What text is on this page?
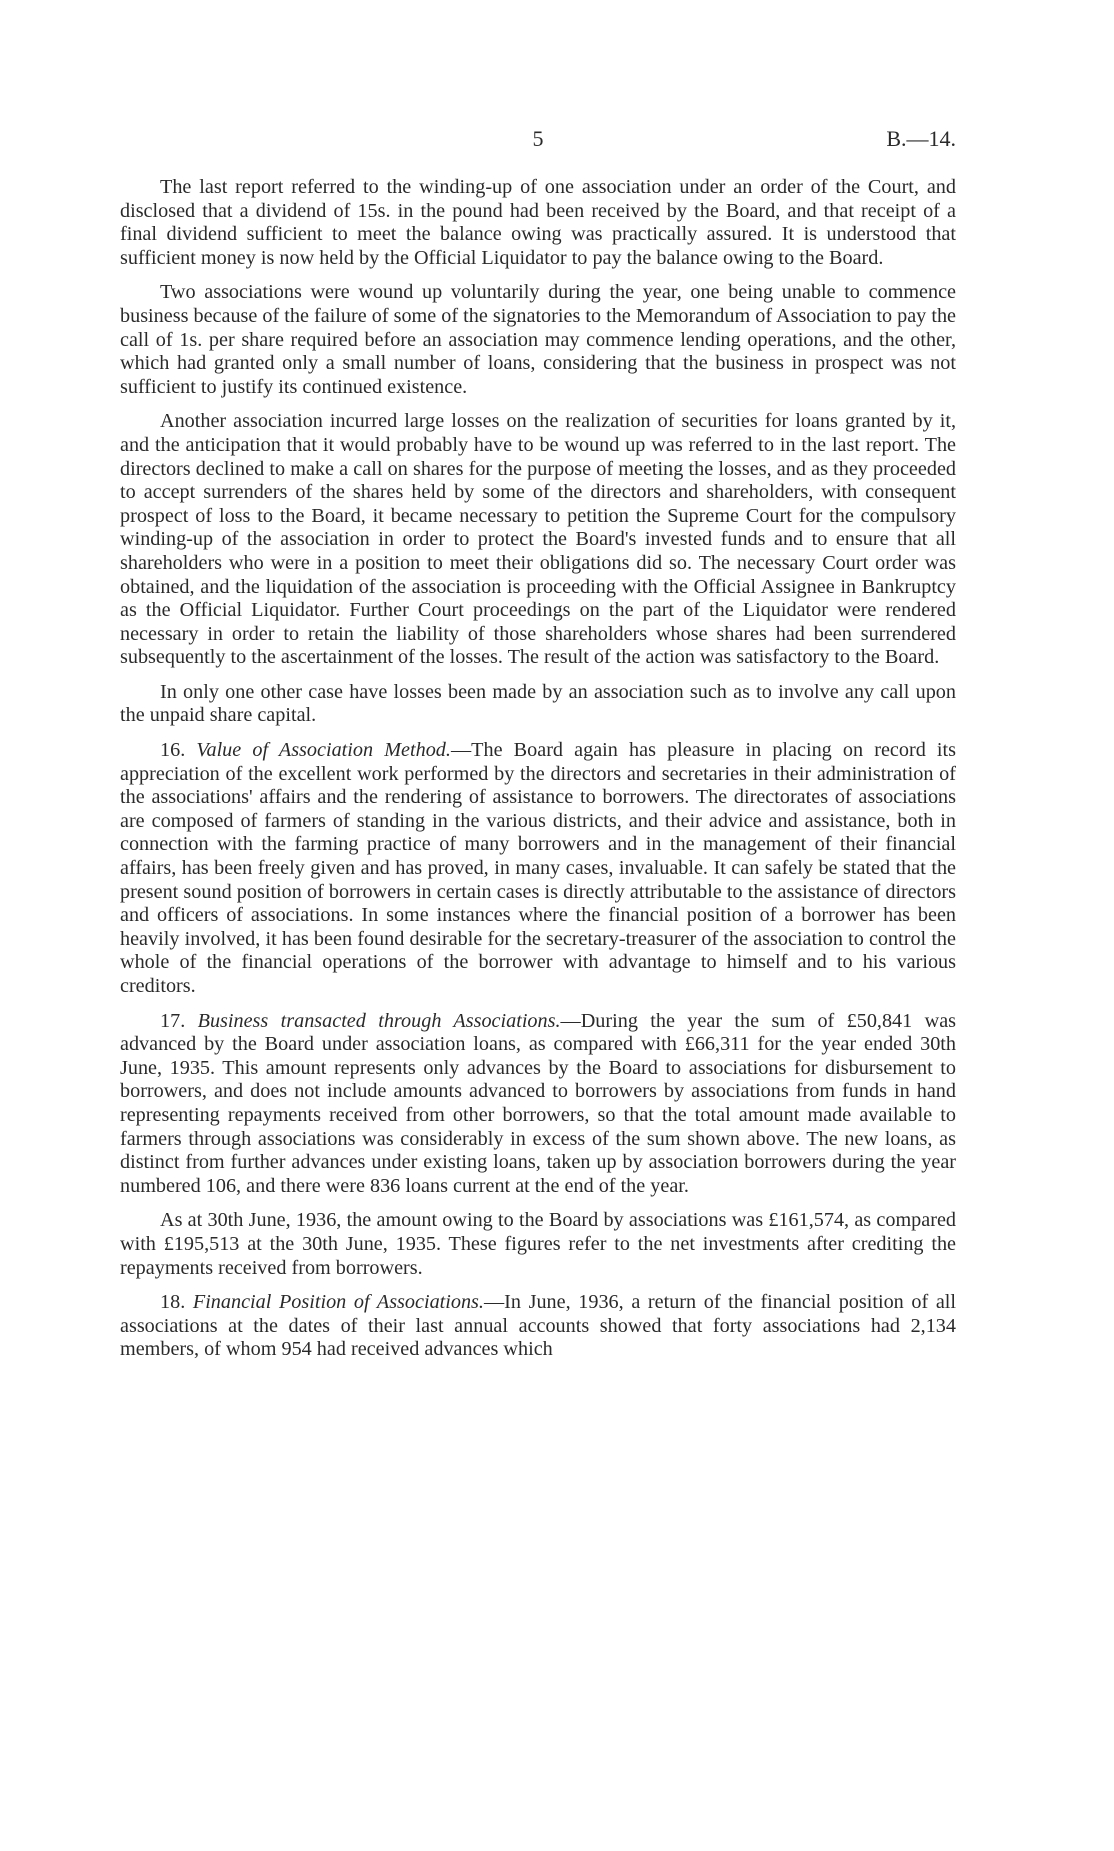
5	B.—14.

The last report referred to the winding-up of one association under an order of the Court, and disclosed that a dividend of 15s. in the pound had been received by the Board, and that receipt of a final dividend sufficient to meet the balance owing was practically assured. It is understood that sufficient money is now held by the Official Liquidator to pay the balance owing to the Board.

Two associations were wound up voluntarily during the year, one being unable to commence business because of the failure of some of the signatories to the Memorandum of Association to pay the call of 1s. per share required before an association may commence lending operations, and the other, which had granted only a small number of loans, considering that the business in prospect was not sufficient to justify its continued existence.

Another association incurred large losses on the realization of securities for loans granted by it, and the anticipation that it would probably have to be wound up was referred to in the last report. The directors declined to make a call on shares for the purpose of meeting the losses, and as they proceeded to accept surrenders of the shares held by some of the directors and shareholders, with consequent prospect of loss to the Board, it became necessary to petition the Supreme Court for the compulsory winding-up of the association in order to protect the Board's invested funds and to ensure that all shareholders who were in a position to meet their obligations did so. The necessary Court order was obtained, and the liquidation of the association is proceeding with the Official Assignee in Bankruptcy as the Official Liquidator. Further Court proceedings on the part of the Liquidator were rendered necessary in order to retain the liability of those shareholders whose shares had been surrendered subsequently to the ascertainment of the losses. The result of the action was satisfactory to the Board.

In only one other case have losses been made by an association such as to involve any call upon the unpaid share capital.

16. Value of Association Method.—The Board again has pleasure in placing on record its appreciation of the excellent work performed by the directors and secretaries in their administration of the associations' affairs and the rendering of assistance to borrowers. The directorates of associations are composed of farmers of standing in the various districts, and their advice and assistance, both in connection with the farming practice of many borrowers and in the management of their financial affairs, has been freely given and has proved, in many cases, invaluable. It can safely be stated that the present sound position of borrowers in certain cases is directly attributable to the assistance of directors and officers of associations. In some instances where the financial position of a borrower has been heavily involved, it has been found desirable for the secretary-treasurer of the association to control the whole of the financial operations of the borrower with advantage to himself and to his various creditors.

17. Business transacted through Associations.—During the year the sum of £50,841 was advanced by the Board under association loans, as compared with £66,311 for the year ended 30th June, 1935. This amount represents only advances by the Board to associations for disbursement to borrowers, and does not include amounts advanced to borrowers by associations from funds in hand representing repayments received from other borrowers, so that the total amount made available to farmers through associations was considerably in excess of the sum shown above. The new loans, as distinct from further advances under existing loans, taken up by association borrowers during the year numbered 106, and there were 836 loans current at the end of the year.

As at 30th June, 1936, the amount owing to the Board by associations was £161,574, as compared with £195,513 at the 30th June, 1935. These figures refer to the net investments after crediting the repayments received from borrowers.

18. Financial Position of Associations.—In June, 1936, a return of the financial position of all associations at the dates of their last annual accounts showed that forty associations had 2,134 members, of whom 954 had received advances which
